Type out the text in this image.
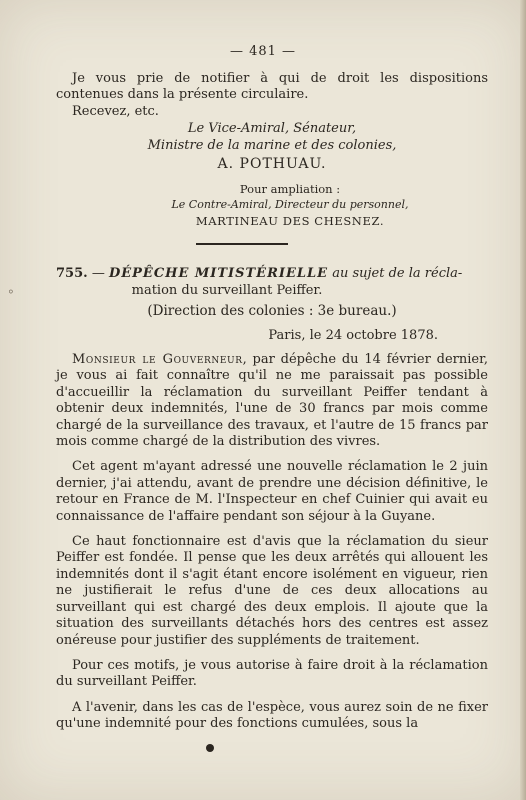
— 481 —

Je vous prie de notifier à qui de droit les dispositions contenues dans la présente circulaire.

Recevez, etc.

Le Vice-Amiral, Sénateur,

Ministre de la marine et des colonies,

A. POTHUAU.

Pour ampliation :

Le Contre-Amiral, Directeur du personnel,

MARTINEAU DES CHESNEZ.

⸰

755. — DÉPÊCHE MITISTÉRIELLE au sujet de la récla-

mation du surveillant Peiffer.

(Direction des colonies : 3e bureau.)

Paris, le 24 octobre 1878.

Monsieur le Gouverneur, par dépêche du 14 février dernier, je vous ai fait connaître qu'il ne me paraissait pas possible d'accueillir la réclamation du surveillant Peiffer tendant à obtenir deux indemnités, l'une de 30 francs par mois comme chargé de la surveillance des travaux, et l'autre de 15 francs par mois comme chargé de la distribution des vivres.

Cet agent m'ayant adressé une nouvelle réclamation le 2 juin dernier, j'ai attendu, avant de prendre une décision définitive, le retour en France de M. l'Inspecteur en chef Cuinier qui avait eu connaissance de l'affaire pendant son séjour à la Guyane.

Ce haut fonctionnaire est d'avis que la réclamation du sieur Peiffer est fondée. Il pense que les deux arrêtés qui allouent les indemnités dont il s'agit étant encore isolément en vigueur, rien ne justifierait le refus d'une de ces deux allocations au surveillant qui est chargé des deux emplois. Il ajoute que la situation des surveillants détachés hors des centres est assez onéreuse pour justifier des suppléments de traitement.

Pour ces motifs, je vous autorise à faire droit à la réclamation du surveillant Peiffer.

A l'avenir, dans les cas de l'espèce, vous aurez soin de ne fixer qu'une indemnité pour des fonctions cumulées, sous la
